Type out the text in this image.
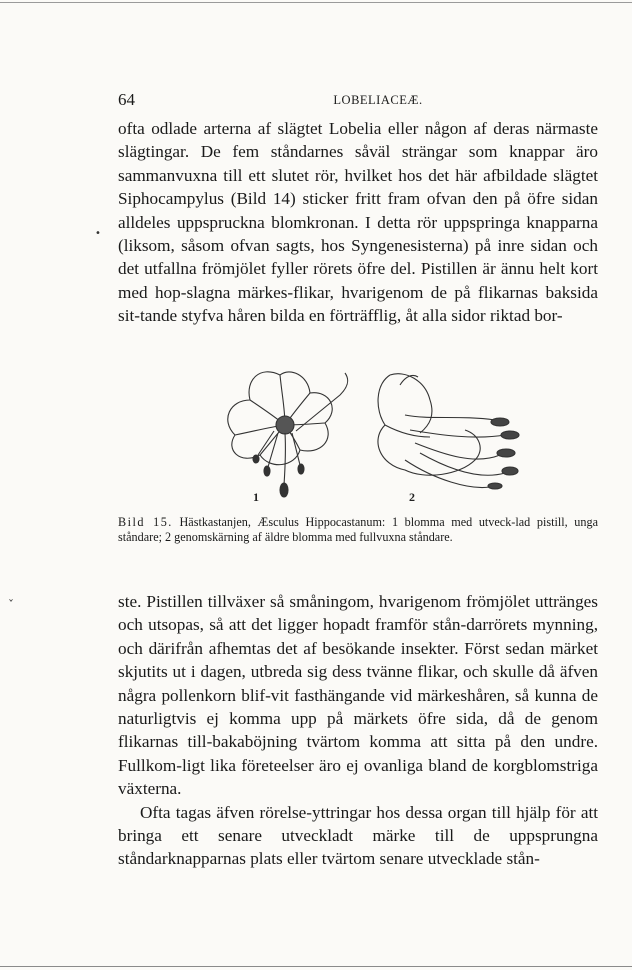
64	LOBELIACEÆ.

ofta odlade arterna af slägtet Lobelia eller någon af deras närmaste slägtingar. De fem ståndarnes såväl strängar som knappar äro sammanvuxna till ett slutet rör, hvilket hos det här afbildade slägtet Siphocampylus (Bild 14) sticker fritt fram ofvan den på öfre sidan alldeles uppspruckna blomkronan. I detta rör uppspringa knapparna (liksom, såsom ofvan sagts, hos Syngenesisterna) på inre sidan och det utfallna frömjölet fyller rörets öfre del. Pistillen är ännu helt kort med hop-slagna märkes-flikar, hvarigenom de på flikarnas baksida sit-tande styfva håren bilda en förträfflig, åt alla sidor riktad bor-

1	2
Bild 15. Hästkastanjen, Æsculus Hippocastanum: 1 blomma med utveck-lad pistill, unga ståndare; 2 genomskärning af äldre blomma med fullvuxna ståndare.

ste. Pistillen tillväxer så småningom, hvarigenom frömjölet uttränges och utsopas, så att det ligger hopadt framför stån-darrörets mynning, och därifrån afhemtas det af besökande insekter. Först sedan märket skjutits ut i dagen, utbreda sig dess tvänne flikar, och skulle då äfven några pollenkorn blif-vit fasthängande vid märkeshåren, så kunna de naturligtvis ej komma upp på märkets öfre sida, då de genom flikarnas till-bakaböjning tvärtom komma att sitta på den undre. Fullkom-ligt lika företeelser äro ej ovanliga bland de korgblomstriga växterna.

Ofta tagas äfven rörelse-yttringar hos dessa organ till hjälp för att bringa ett senare utveckladt märke till de uppsprungna ståndarknapparnas plats eller tvärtom senare utvecklade stån-

•
ˇ
